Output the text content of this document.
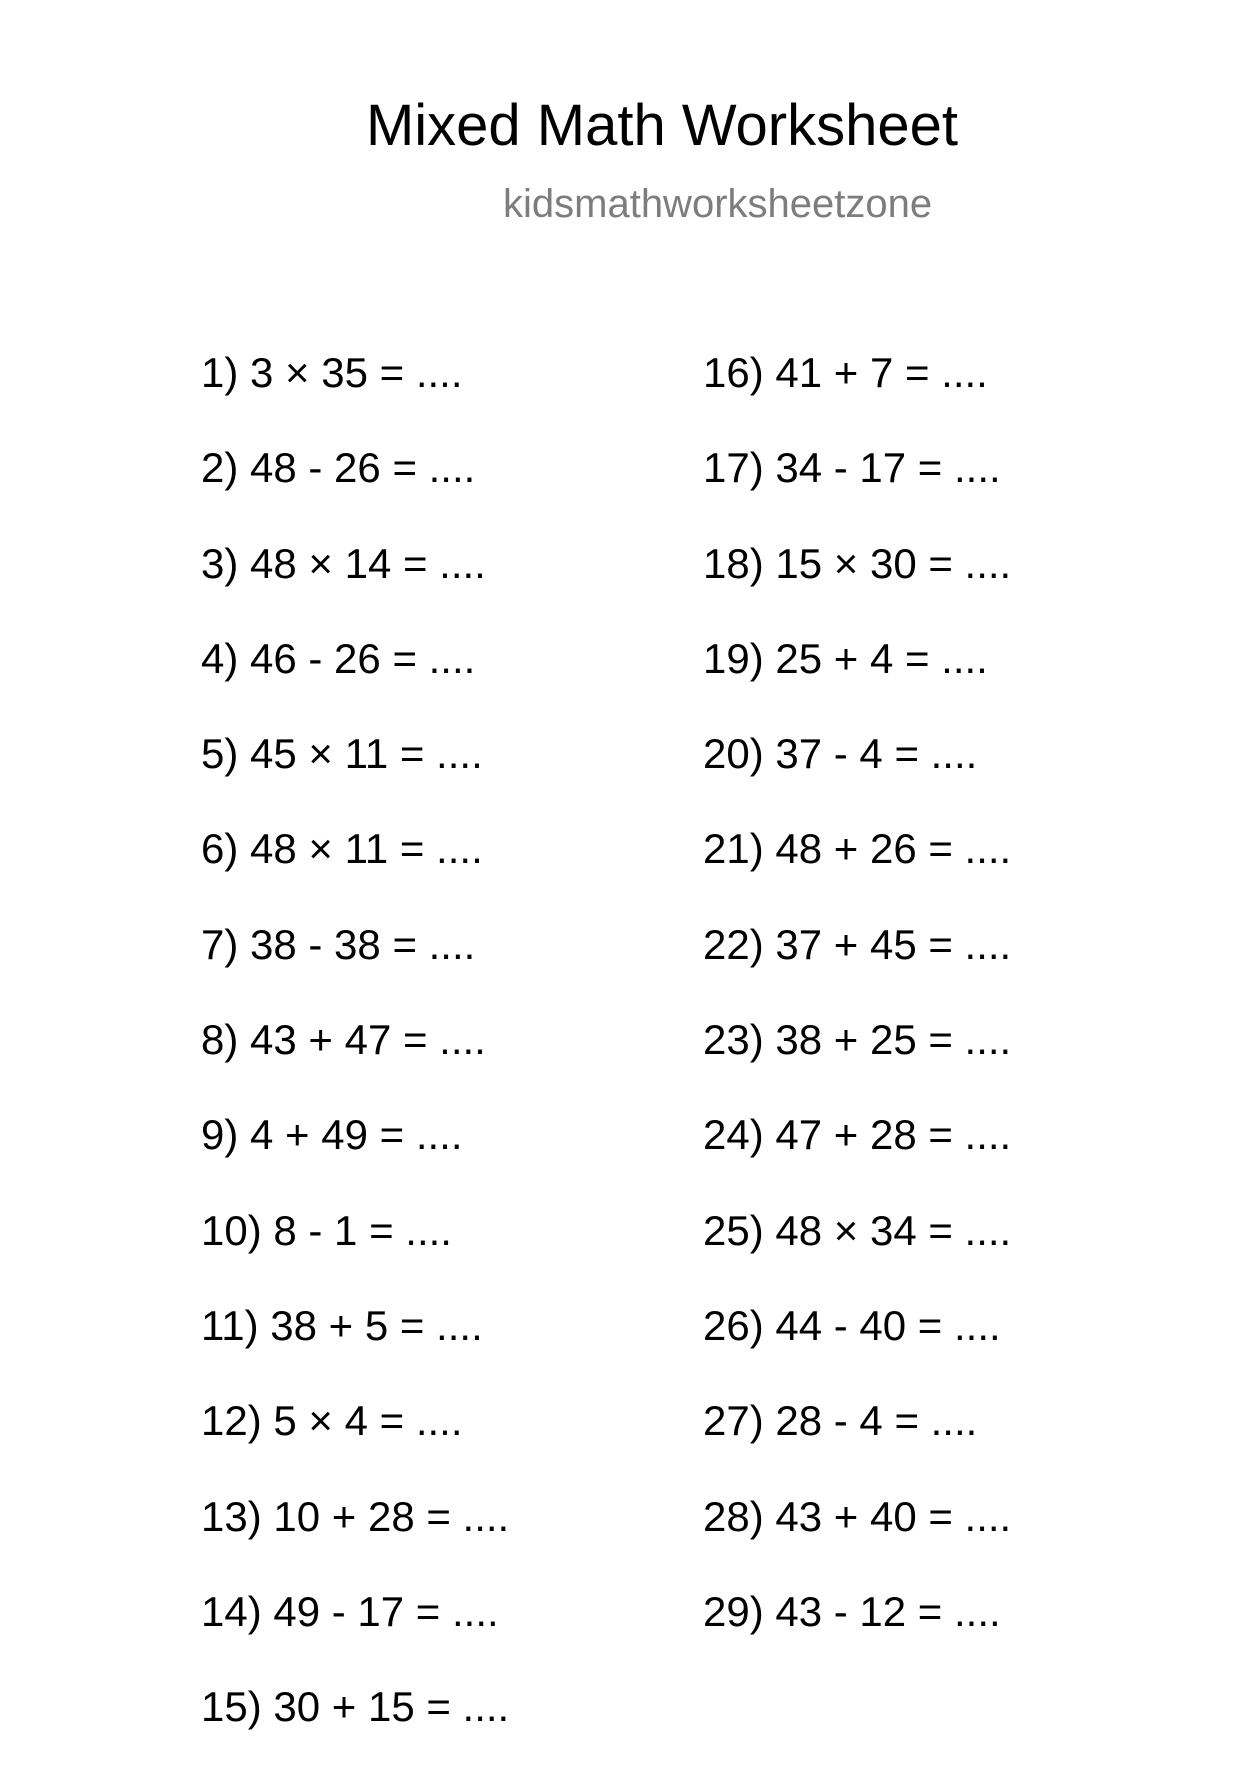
Mixed Math Worksheet
kidsmathworksheetzone
1) 3 × 35 = ....
2) 48 - 26 = ....
3) 48 × 14 = ....
4) 46 - 26 = ....
5) 45 × 11 = ....
6) 48 × 11 = ....
7) 38 - 38 = ....
8) 43 + 47 = ....
9) 4 + 49 = ....
10) 8 - 1 = ....
11) 38 + 5 = ....
12) 5 × 4 = ....
13) 10 + 28 = ....
14) 49 - 17 = ....
15) 30 + 15 = ....
16) 41 + 7 = ....
17) 34 - 17 = ....
18) 15 × 30 = ....
19) 25 + 4 = ....
20) 37 - 4 = ....
21) 48 + 26 = ....
22) 37 + 45 = ....
23) 38 + 25 = ....
24) 47 + 28 = ....
25) 48 × 34 = ....
26) 44 - 40 = ....
27) 28 - 4 = ....
28) 43 + 40 = ....
29) 43 - 12 = ....
